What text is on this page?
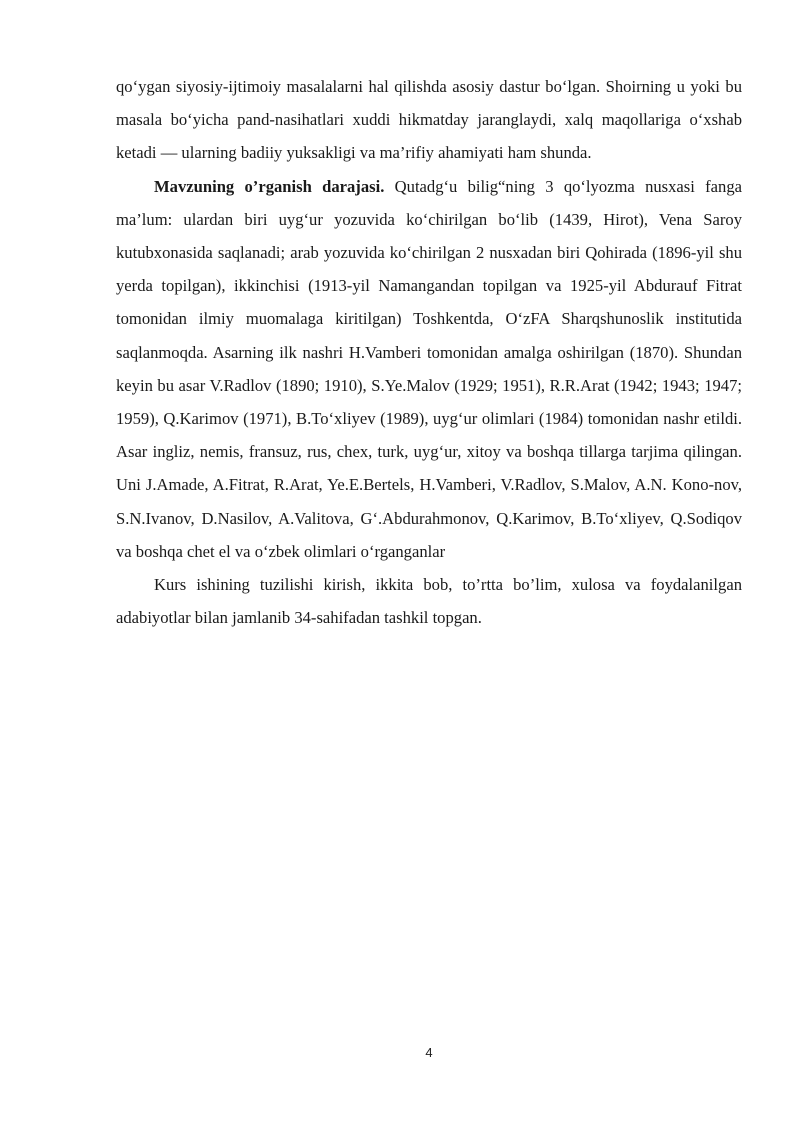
qo‘ygan siyosiy-ijtimoiy masalalarni hal qilishda asosiy dastur bo‘lgan. Shoirning u yoki bu masala bo‘yicha pand-nasihatlari xuddi hikmatday jaranglaydi, xalq maqollariga o‘xshab ketadi — ularning badiiy yuksakligi va ma’rifiy ahamiyati ham shunda.

Mavzuning o’rganish darajasi. Qutadg‘u bilig“ning 3 qo‘lyozma nusxasi fanga ma’lum: ulardan biri uyg‘ur yozuvida ko‘chirilgan bo‘lib (1439, Hirot), Vena Saroy kutubxonasida saqlanadi; arab yozuvida ko‘chirilgan 2 nusxadan biri Qohirada (1896-yil shu yerda topilgan), ikkinchisi (1913-yil Namangandan topilgan va 1925-yil Abdurauf Fitrat tomonidan ilmiy muomalaga kiritilgan) Toshkentda, O‘zFA Sharqshunoslik institutida saqlanmoqda. Asarning ilk nashri H.Vamberi tomonidan amalga oshirilgan (1870). Shundan keyin bu asar V.Radlov (1890; 1910), S.Ye.Malov (1929; 1951), R.R.Arat (1942; 1943; 1947; 1959), Q.Karimov (1971), B.To‘xliyev (1989), uyg‘ur olimlari (1984) tomonidan nashr etildi. Asar ingliz, nemis, fransuz, rus, chex, turk, uyg‘ur, xitoy va boshqa tillarga tarjima qilingan. Uni J.Amade, A.Fitrat, R.Arat, Ye.E.Bertels, H.Vamberi, V.Radlov, S.Malov, A.N. Kono-nov, S.N.Ivanov, D.Nasilov, A.Valitova, G‘.Abdurahmonov, Q.Karimov, B.To‘xliyev, Q.Sodiqov va boshqa chet el va o‘zbek olimlari o‘rganganlar

Kurs ishining tuzilishi kirish, ikkita bob, to’rtta bo’lim, xulosa va foydalanilgan adabiyotlar bilan jamlanib 34-sahifadan tashkil topgan.

4
